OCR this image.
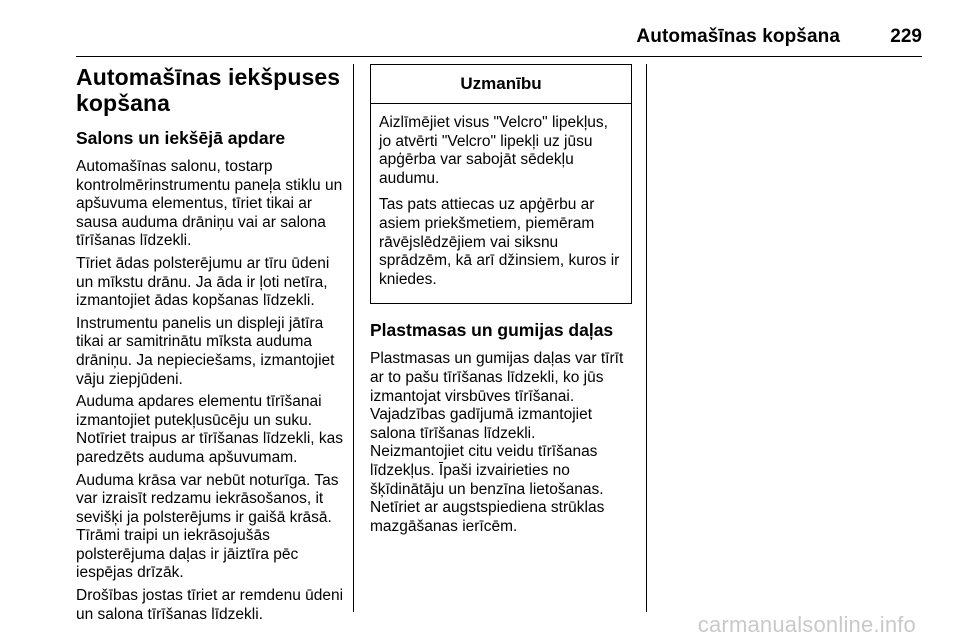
Automašīnas kopšana	229
Automašīnas iekšpuses kopšana
Salons un iekšējā apdare

Automašīnas salonu, tostarp kontrolmērinstrumentu paneļa stiklu un apšuvuma elementus, tīriet tikai ar sausa auduma drāniņu vai ar salona tīrīšanas līdzekli.

Tīriet ādas polsterējumu ar tīru ūdeni un mīkstu drānu. Ja āda ir ļoti netīra, izmantojiet ādas kopšanas līdzekli.

Instrumentu panelis un displeji jātīra tikai ar samitrinātu mīksta auduma drāniņu. Ja nepieciešams, izmantojiet vāju ziepjūdeni.

Auduma apdares elementu tīrīšanai izmantojiet putekļusūcēju un suku. Notīriet traipus ar tīrīšanas līdzekli, kas paredzēts auduma apšuvumam.

Auduma krāsa var nebūt noturīga. Tas var izraisīt redzamu iekrāsošanos, it sevišķi ja polsterējums ir gaišā krāsā. Tīrāmi traipi un iekrāsojušās polsterējuma daļas ir jāiztīra pēc iespējas drīzāk.

Drošības jostas tīriet ar remdenu ūdeni un salona tīrīšanas līdzekli.

Uzmanību

Aizlīmējiet visus "Velcro" lipekļus, jo atvērti "Velcro" lipekļi uz jūsu apģērba var sabojāt sēdekļu audumu.

Tas pats attiecas uz apģērbu ar asiem priekšmetiem, piemēram rāvējslēdzējiem vai siksnu sprādzēm, kā arī džinsiem, kuros ir kniedes.

Plastmasas un gumijas daļas

Plastmasas un gumijas daļas var tīrīt ar to pašu tīrīšanas līdzekli, ko jūs izmantojat virsbūves tīrīšanai. Vajadzības gadījumā izmantojiet salona tīrīšanas līdzekli. Neizmantojiet citu veidu tīrīšanas līdzekļus. Īpaši izvairieties no šķīdinātāju un benzīna lietošanas. Netīriet ar augstspiediena strūklas mazgāšanas ierīcēm.

carmanualsonline.info
